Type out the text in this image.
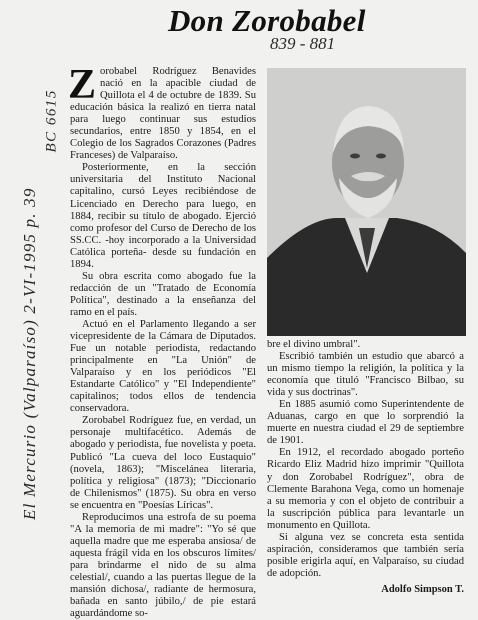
Don Zorobabel
839 - 881
BC 6615
El Mercurio (Valparaíso) 2-VI-1995 p. 39

Zorobabel Rodríguez Benavides nació en la apacible ciudad de Quillota el 4 de octubre de 1839. Su educación básica la realizó en tierra natal para luego continuar sus estudios secundarios, entre 1850 y 1854, en el Colegio de los Sagrados Corazones (Padres Franceses) de Valparaíso.

Posteriormente, en la sección universitaria del Instituto Nacional capitalino, cursó Leyes recibiéndose de Licenciado en Derecho para luego, en 1884, recibir su título de abogado. Ejerció como profesor del Curso de Derecho de los SS.CC. -hoy incorporado a la Universidad Católica porteña- desde su fundación en 1894.

Su obra escrita como abogado fue la redacción de un "Tratado de Economía Política", destinado a la enseñanza del ramo en el país.

Actuó en el Parlamento llegando a ser vicepresidente de la Cámara de Diputados. Fue un notable periodista, redactando principalmente en "La Unión" de Valparaíso y en los periódicos "El Estandarte Católico" y "El Independiente" capitalinos; todos ellos de tendencia conservadora.

Zorobabel Rodríguez fue, en verdad, un personaje multifacético. Además de abogado y periodista, fue novelista y poeta. Publicó "La cueva del loco Eustaquio" (novela, 1863); "Miscelánea literaria, política y religiosa" (1873); "Diccionario de Chilenismos" (1875). Su obra en verso se encuentra en "Poesías Líricas".

Reproducimos una estrofa de su poema "A la memoria de mi madre": "Yo sé que aquella madre que me esperaba ansiosa/ de aquesta frágil vida en los obscuros límites/ para brindarme el nido de su alma celestial/, cuando a las puertas llegue de la mansión dichosa/, radiante de hermosura, bañada en santo júbilo,/ de pie estará aguardándome so-

bre el divino umbral".

Escribió también un estudio que abarcó a un mismo tiempo la religión, la política y la economía que tituló "Francisco Bilbao, su vida y sus doctrinas".

En 1885 asumió como Superintendente de Aduanas, cargo en que lo sorprendió la muerte en nuestra ciudad el 29 de septiembre de 1901.

En 1912, el recordado abogado porteño Ricardo Eliz Madrid hizo imprimir "Quillota y don Zorobabel Rodríguez", obra de Clemente Barahona Vega, como un homenaje a su memoria y con el objeto de contribuir a la suscripción pública para levantarle un monumento en Quillota.

Si alguna vez se concreta esta sentida aspiración, consideramos que también sería posible erigirla aquí, en Valparaíso, su ciudad de adopción.

Adolfo Simpson T.
